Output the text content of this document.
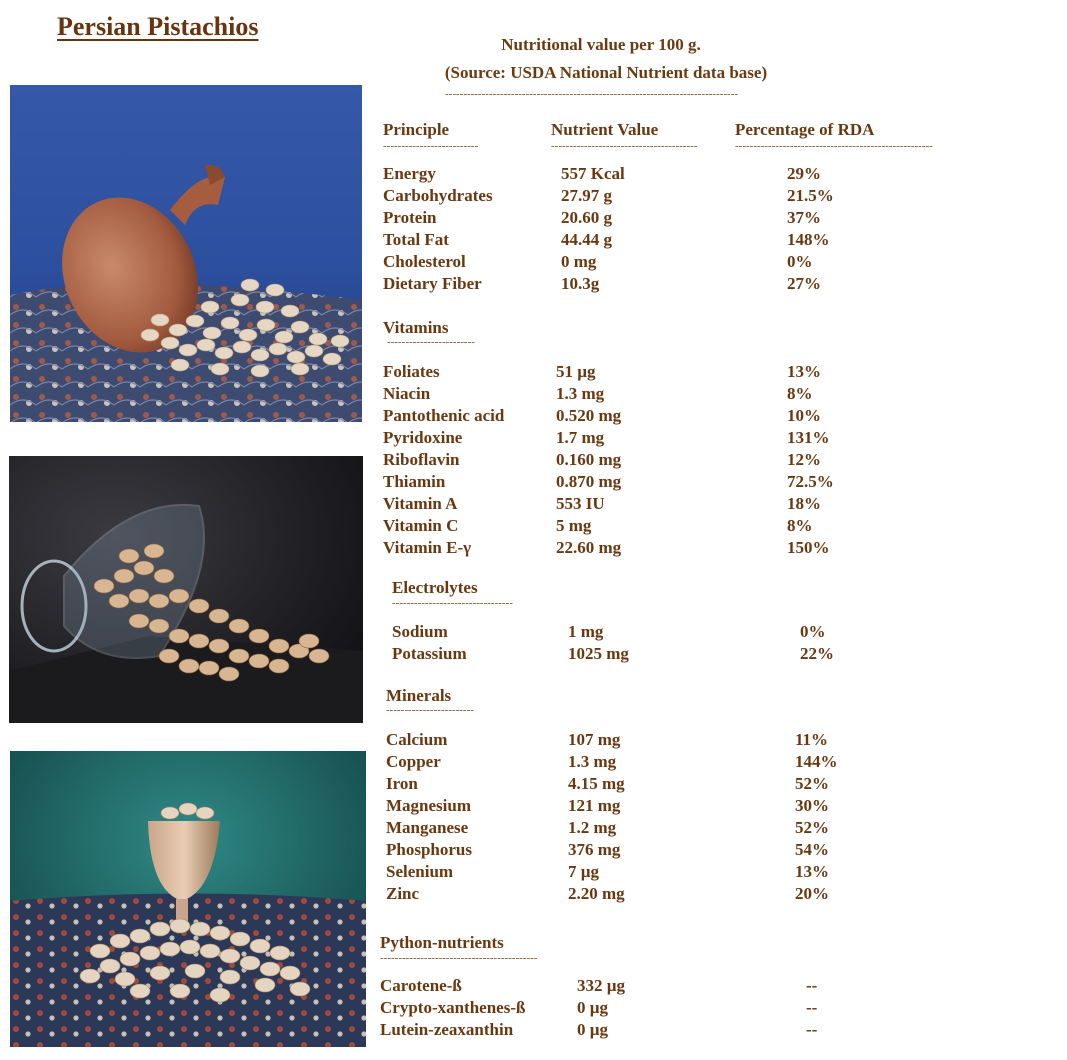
Persian Pistachios
Nutritional value per 100 g.
(Source: USDA National Nutrient data base)
--------------------------------------------------------------------------------
Principle	Nutrient Value	Percentage of RDA
--------------------------	----------------------------------------	------------------------------------------------------
Energy	557 Kcal	29%
Carbohydrates	27.97 g	21.5%
Protein	20.60 g	37%
Total Fat	44.44 g	148%
Cholesterol	0 mg	0%
Dietary Fiber	10.3g	27%
Vitamins
------------------------
Foliates	51 µg	13%
Niacin	1.3 mg	8%
Pantothenic acid	0.520 mg	10%
Pyridoxine	1.7 mg	131%
Riboflavin	0.160 mg	12%
Thiamin	0.870 mg	72.5%
Vitamin A	553 IU	18%
Vitamin C	5 mg	8%
Vitamin E-γ	22.60 mg	150%
Electrolytes
---------------------------------
Sodium	1 mg	0%
Potassium	1025 mg	22%
Minerals
------------------------
Calcium	107 mg	11%
Copper	1.3 mg	144%
Iron	4.15 mg	52%
Magnesium	121 mg	30%
Manganese	1.2 mg	52%
Phosphorus	376 mg	54%
Selenium	7 µg	13%
Zinc	2.20 mg	20%
Python-nutrients
-------------------------------------------
Carotene-ß	332 µg	--
Crypto-xanthenes-ß	0 µg	--
Lutein-zeaxanthin	0 µg	--
